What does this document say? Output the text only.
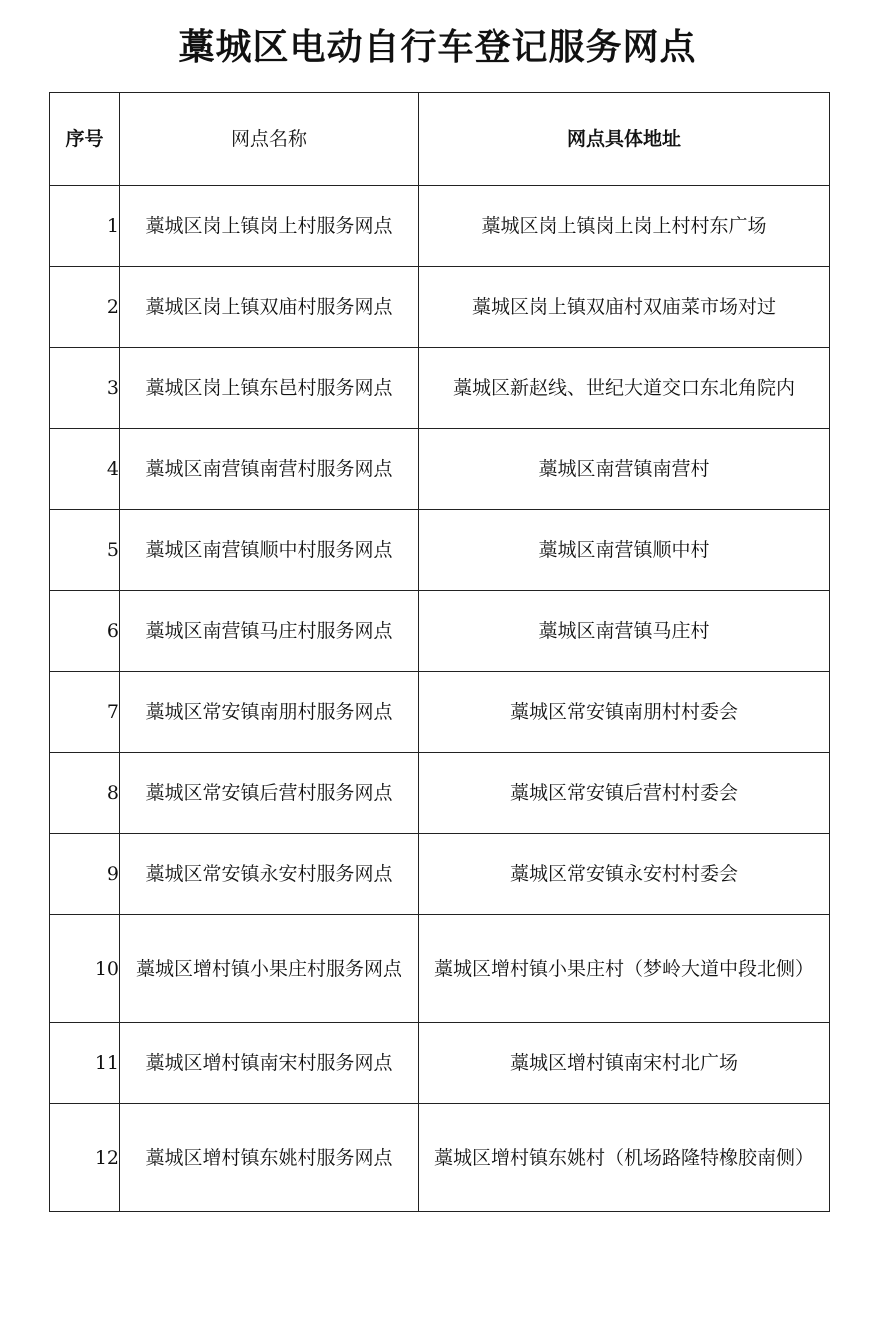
藁城区电动自行车登记服务网点
序号	网点名称	网点具体地址
1	藁城区岗上镇岗上村服务网点	藁城区岗上镇岗上岗上村村东广场
2	藁城区岗上镇双庙村服务网点	藁城区岗上镇双庙村双庙菜市场对过
3	藁城区岗上镇东邑村服务网点	藁城区新赵线、世纪大道交口东北角院内
4	藁城区南营镇南营村服务网点	藁城区南营镇南营村
5	藁城区南营镇顺中村服务网点	藁城区南营镇顺中村
6	藁城区南营镇马庄村服务网点	藁城区南营镇马庄村
7	藁城区常安镇南朋村服务网点	藁城区常安镇南朋村村委会
8	藁城区常安镇后营村服务网点	藁城区常安镇后营村村委会
9	藁城区常安镇永安村服务网点	藁城区常安镇永安村村委会
10	藁城区增村镇小果庄村服务网点	藁城区增村镇小果庄村（梦岭大道中段北侧）
11	藁城区增村镇南宋村服务网点	藁城区增村镇南宋村北广场
12	藁城区增村镇东姚村服务网点	藁城区增村镇东姚村（机场路隆特橡胶南侧）
